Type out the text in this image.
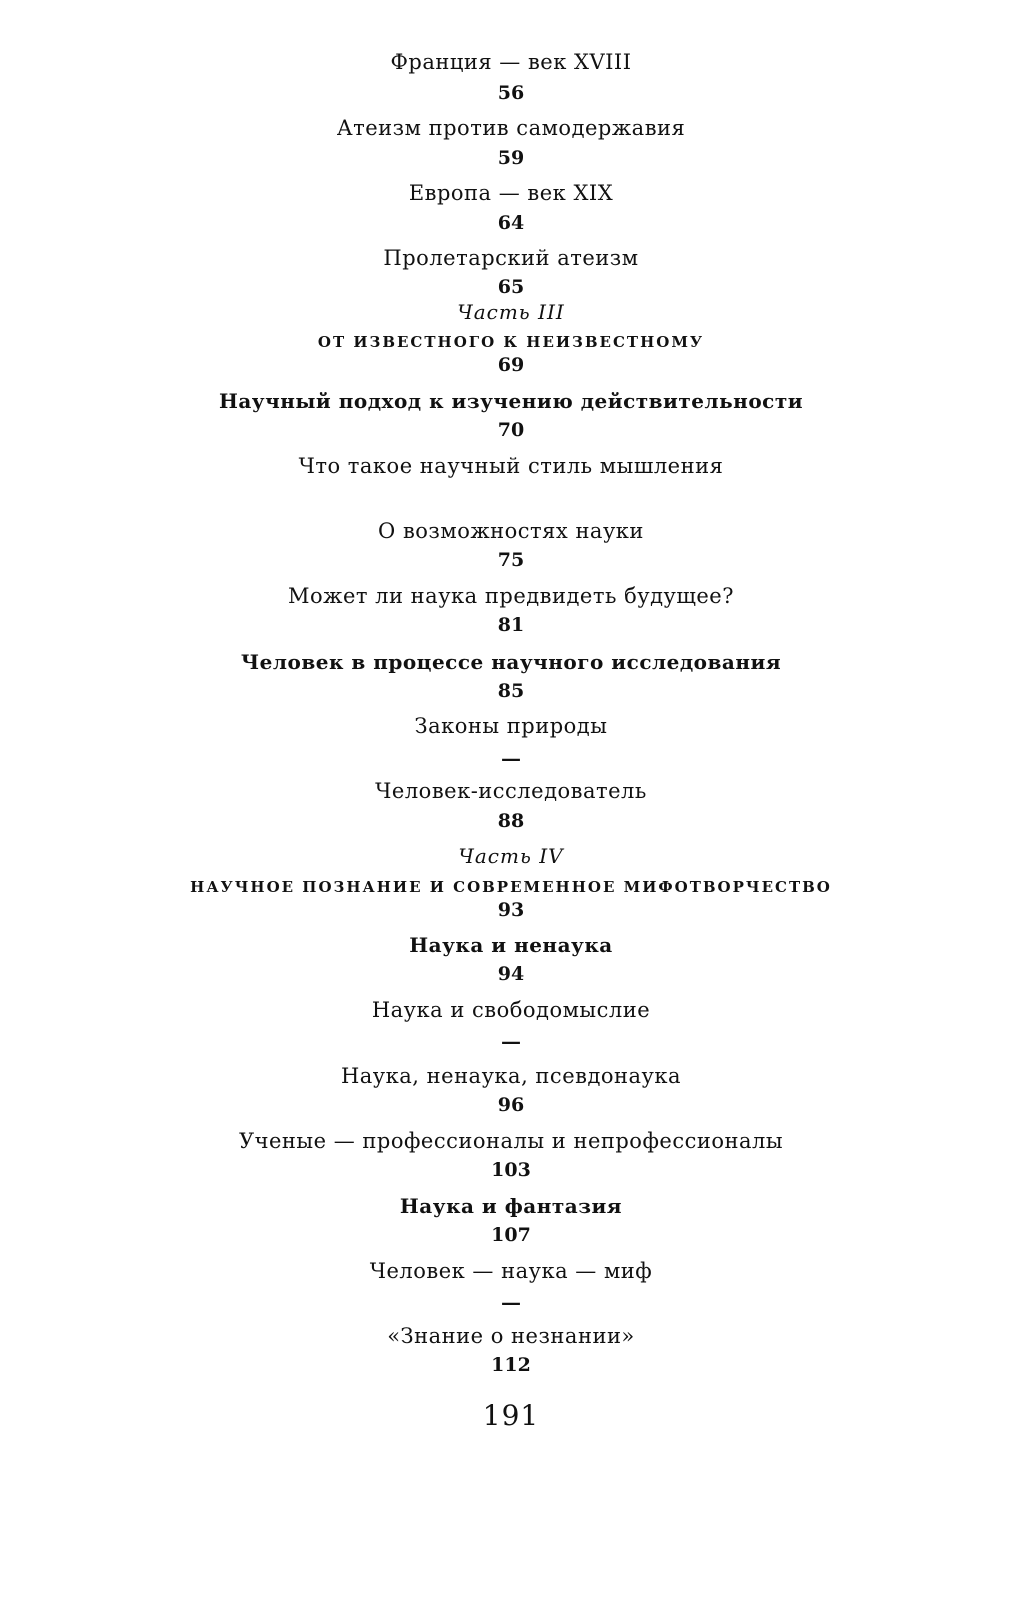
Франция — век XVIII
56
Атеизм против самодержавия
59
Европа — век XIX
64
Пролетарский атеизм
65
Часть III
ОТ ИЗВЕСТНОГО К НЕИЗВЕСТНОМУ
69
Научный подход к изучению действительности
70
Что такое научный стиль мышления
О возможностях науки
75
Может ли наука предвидеть будущее?
81
Человек в процессе научного исследования
85
Законы природы
—
Человек-исследователь
88
Часть IV
НАУЧНОЕ ПОЗНАНИЕ И СОВРЕМЕННОЕ МИФОТВОРЧЕСТВО
93
Наука и ненаука
94
Наука и свободомыслие
—
Наука, ненаука, псевдонаука
96
Ученые — профессионалы и непрофессионалы
103
Наука и фантазия
107
Человек — наука — миф
—
«Знание о незнании»
112
191
